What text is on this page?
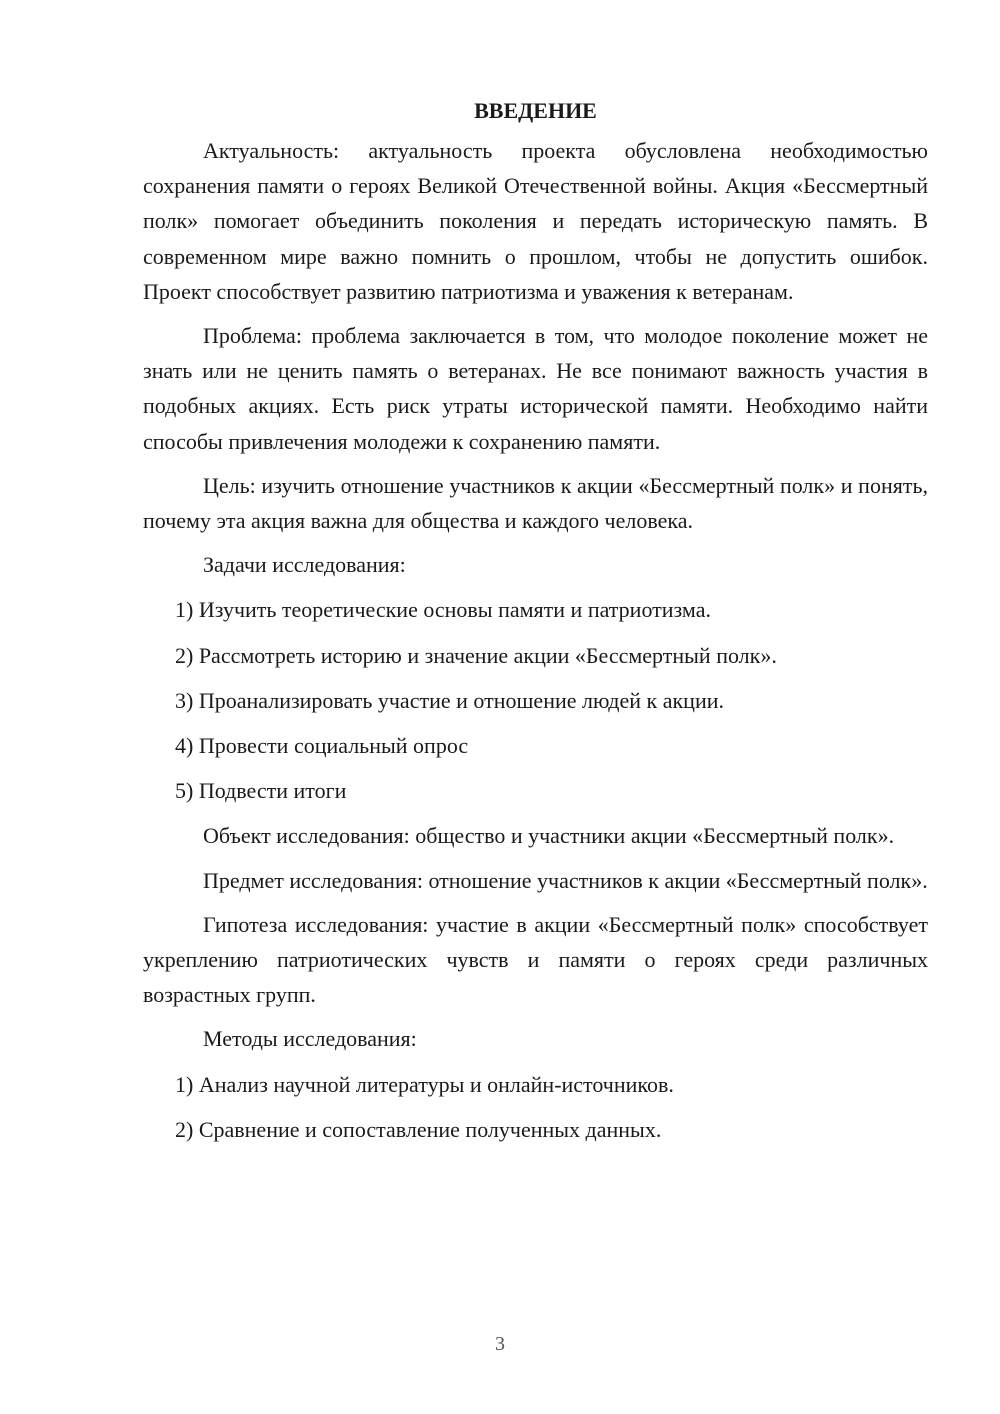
ВВЕДЕНИЕ

Актуальность: актуальность проекта обусловлена необходимостью сохранения памяти о героях Великой Отечественной войны. Акция «Бессмертный полк» помогает объединить поколения и передать историческую память. В современном мире важно помнить о прошлом, чтобы не допустить ошибок. Проект способствует развитию патриотизма и уважения к ветеранам.

Проблема: проблема заключается в том, что молодое поколение может не знать или не ценить память о ветеранах. Не все понимают важность участия в подобных акциях. Есть риск утраты исторической памяти. Необходимо найти способы привлечения молодежи к сохранению памяти.

Цель: изучить отношение участников к акции «Бессмертный полк» и понять, почему эта акция важна для общества и каждого человека.

Задачи исследования:

1) Изучить теоретические основы памяти и патриотизма.

2) Рассмотреть историю и значение акции «Бессмертный полк».

3) Проанализировать участие и отношение людей к акции.

4) Провести социальный опрос

5) Подвести итоги

Объект исследования: общество и участники акции «Бессмертный полк».

Предмет исследования: отношение участников к акции «Бессмертный полк».

Гипотеза исследования: участие в акции «Бессмертный полк» способствует укреплению патриотических чувств и памяти о героях среди различных возрастных групп.

Методы исследования:

1) Анализ научной литературы и онлайн-источников.

2) Сравнение и сопоставление полученных данных.

3
